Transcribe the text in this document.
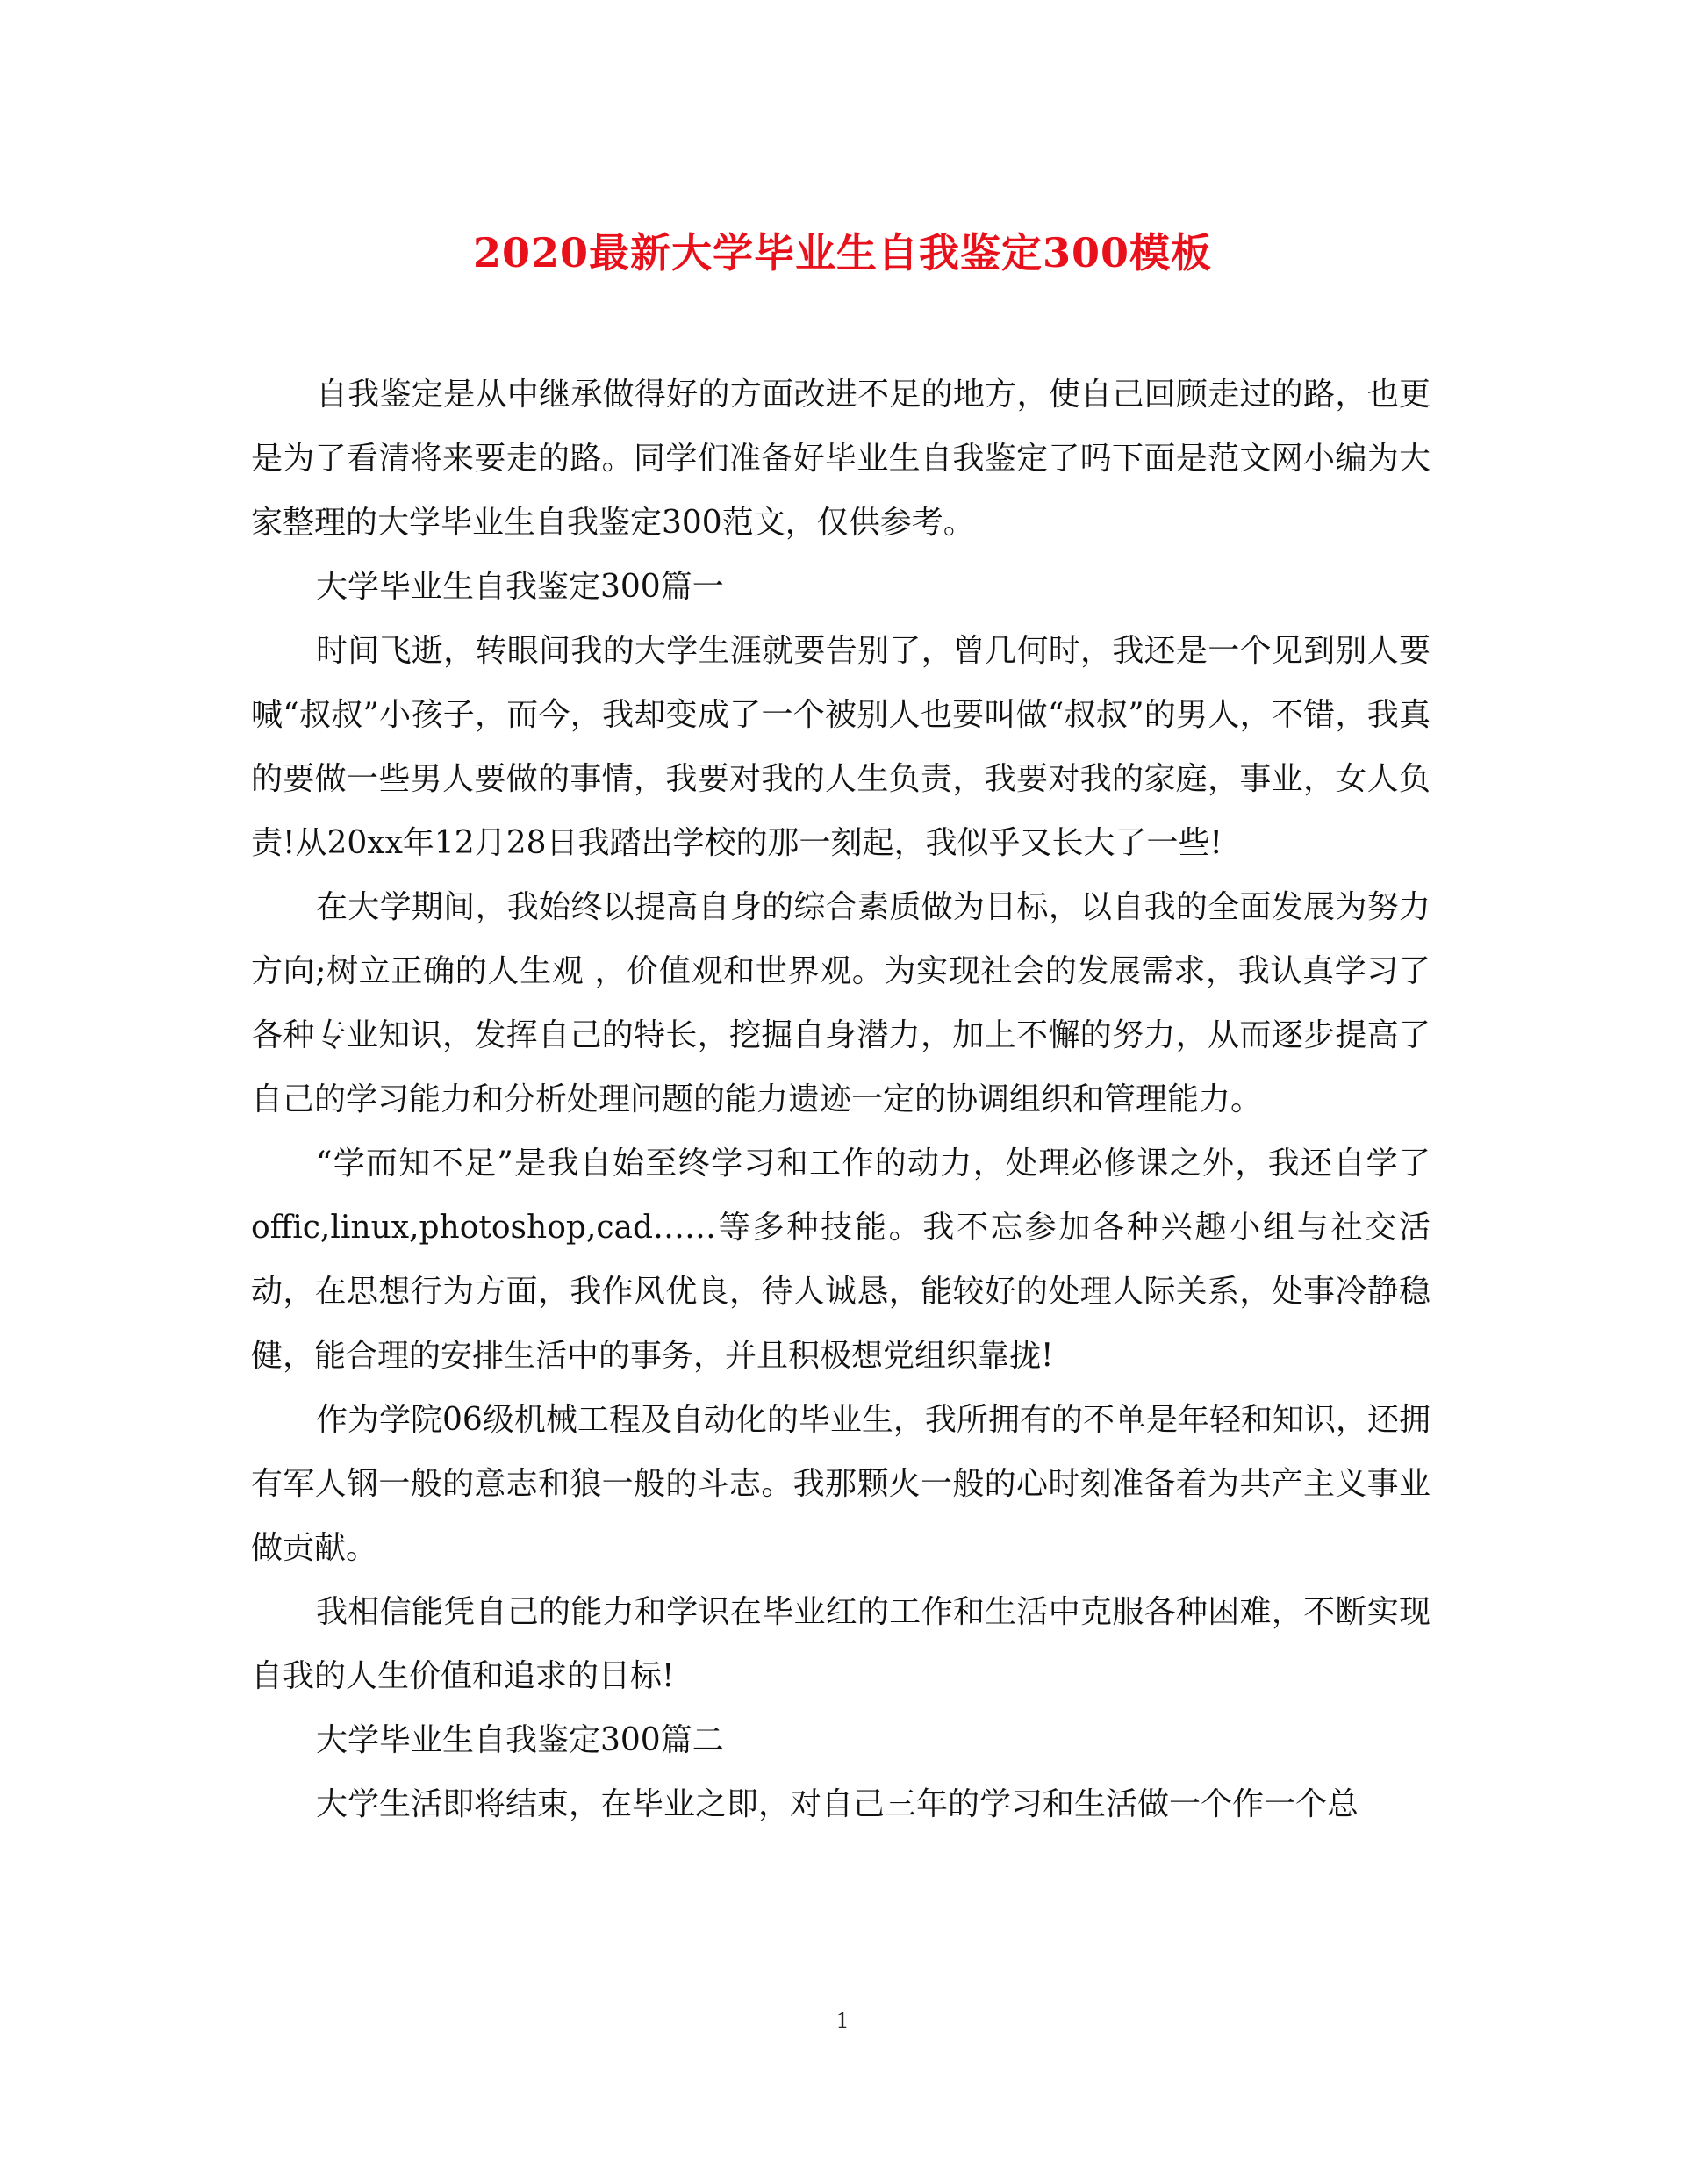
2020最新大学毕业生自我鉴定300模板

自我鉴定是从中继承做得好的方面改进不足的地方，使自己回顾走过的路，也更是为了看清将来要走的路。同学们准备好毕业生自我鉴定了吗下面是范文网小编为大家整理的大学毕业生自我鉴定300范文，仅供参考。

大学毕业生自我鉴定300篇一

时间飞逝，转眼间我的大学生涯就要告别了，曾几何时，我还是一个见到别人要喊“叔叔”小孩子，而今，我却变成了一个被别人也要叫做“叔叔”的男人，不错，我真的要做一些男人要做的事情，我要对我的人生负责，我要对我的家庭，事业，女人负责!从20xx年12月28日我踏出学校的那一刻起，我似乎又长大了一些!

在大学期间，我始终以提高自身的综合素质做为目标，以自我的全面发展为努力方向;树立正确的人生观 ，价值观和世界观。为实现社会的发展需求，我认真学习了各种专业知识，发挥自己的特长，挖掘自身潜力，加上不懈的努力，从而逐步提高了自己的学习能力和分析处理问题的能力遗迹一定的协调组织和管理能力。

“学而知不足”是我自始至终学习和工作的动力，处理必修课之外，我还自学了offic,linux,photoshop,cad……等多种技能。我不忘参加各种兴趣小组与社交活动，在思想行为方面，我作风优良，待人诚恳，能较好的处理人际关系，处事冷静稳健，能合理的安排生活中的事务，并且积极想党组织靠拢!

作为学院06级机械工程及自动化的毕业生，我所拥有的不单是年轻和知识，还拥有军人钢一般的意志和狼一般的斗志。我那颗火一般的心时刻准备着为共产主义事业做贡献。

我相信能凭自己的能力和学识在毕业红的工作和生活中克服各种困难，不断实现自我的人生价值和追求的目标!

大学毕业生自我鉴定300篇二

大学生活即将结束，在毕业之即，对自己三年的学习和生活做一个作一个总

1
